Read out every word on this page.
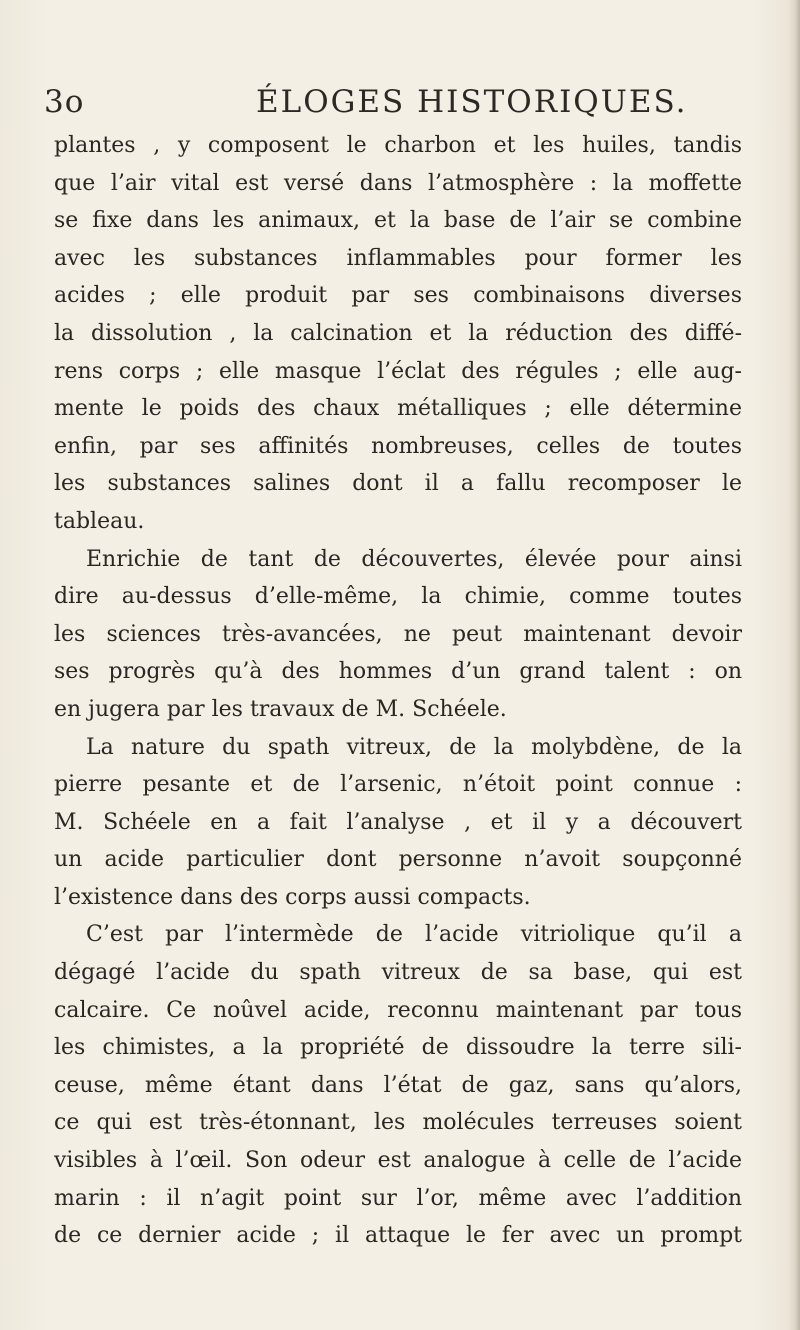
3o	ÉLOGES HISTORIQUES.
plantes , y composent le charbon et les huiles, tandis
que l’air vital est versé dans l’atmosphère : la moffette
se fixe dans les animaux, et la base de l’air se combine
avec les substances inflammables pour former les
acides ; elle produit par ses combinaisons diverses
la dissolution , la calcination et la réduction des diffé-
rens corps ; elle masque l’éclat des régules ; elle aug-
mente le poids des chaux métalliques ; elle détermine
enfin, par ses affinités nombreuses, celles de toutes
les substances salines dont il a fallu recomposer le
tableau.
Enrichie de tant de découvertes, élevée pour ainsi
dire au-dessus d’elle-même, la chimie, comme toutes
les sciences très-avancées, ne peut maintenant devoir
ses progrès qu’à des hommes d’un grand talent : on
en jugera par les travaux de M. Schéele.
La nature du spath vitreux, de la molybdène, de la
pierre pesante et de l’arsenic, n’étoit point connue :
M. Schéele en a fait l’analyse , et il y a découvert
un acide particulier dont personne n’avoit soupçonné
l’existence dans des corps aussi compacts.
C’est par l’intermède de l’acide vitriolique qu’il a
dégagé l’acide du spath vitreux de sa base, qui est
calcaire. Ce noûvel acide, reconnu maintenant par tous
les chimistes, a la propriété de dissoudre la terre sili-
ceuse, même étant dans l’état de gaz, sans qu’alors,
ce qui est très-étonnant, les molécules terreuses soient
visibles à l’œil. Son odeur est analogue à celle de l’acide
marin : il n’agit point sur l’or, même avec l’addition
de ce dernier acide ; il attaque le fer avec un prompt
